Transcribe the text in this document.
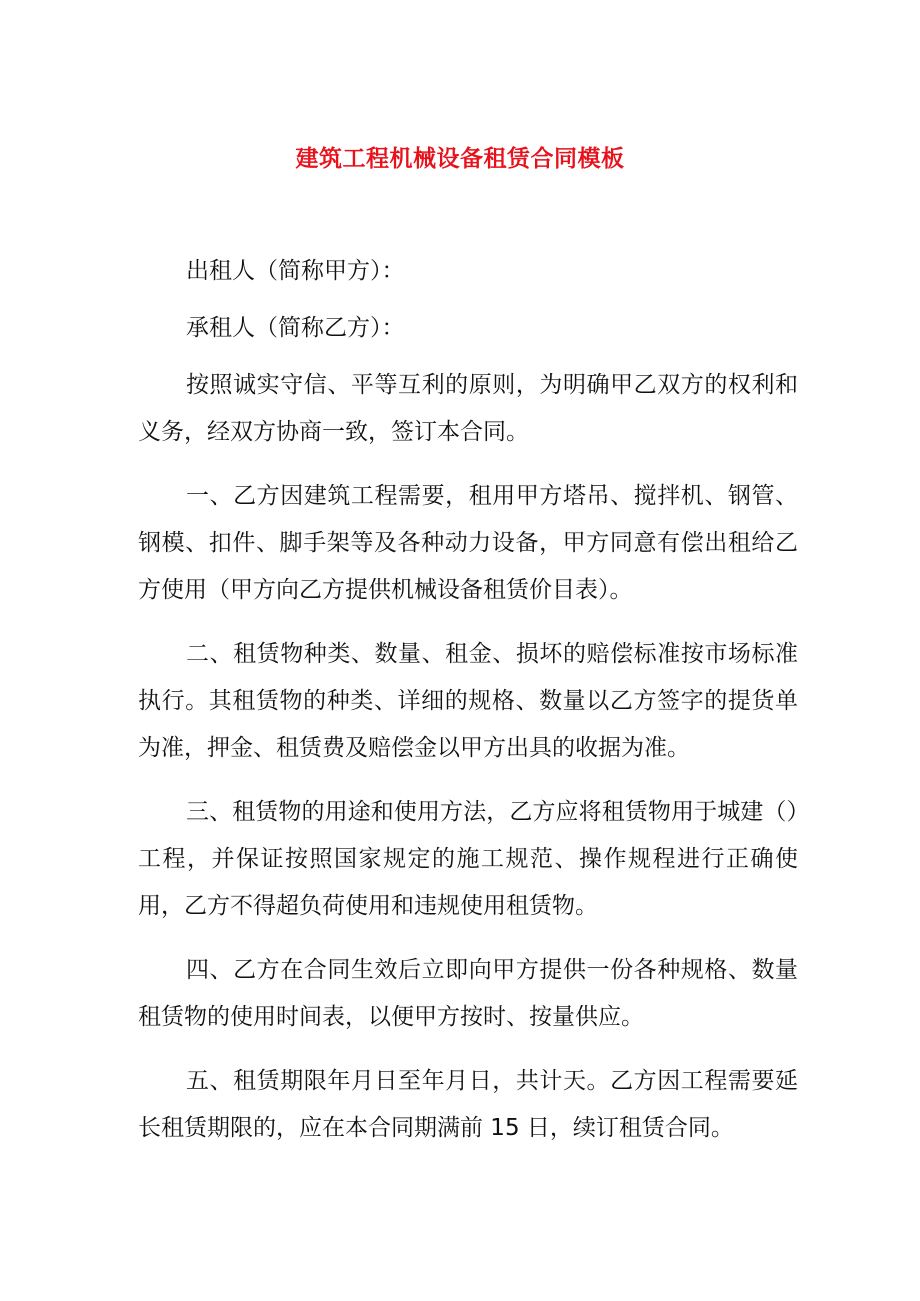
建筑工程机械设备租赁合同模板

出租人（简称甲方）：

承租人（简称乙方）：

按照诚实守信、平等互利的原则，为明确甲乙双方的权利和义务，经双方协商一致，签订本合同。

一、乙方因建筑工程需要，租用甲方塔吊、搅拌机、钢管、钢模、扣件、脚手架等及各种动力设备，甲方同意有偿出租给乙方使用（甲方向乙方提供机械设备租赁价目表）。

二、租赁物种类、数量、租金、损坏的赔偿标准按市场标准执行。其租赁物的种类、详细的规格、数量以乙方签字的提货单为准，押金、租赁费及赔偿金以甲方出具的收据为准。

三、租赁物的用途和使用方法，乙方应将租赁物用于城建（）工程，并保证按照国家规定的施工规范、操作规程进行正确使用，乙方不得超负荷使用和违规使用租赁物。

四、乙方在合同生效后立即向甲方提供一份各种规格、数量租赁物的使用时间表，以便甲方按时、按量供应。

五、租赁期限年月日至年月日，共计天。乙方因工程需要延长租赁期限的，应在本合同期满前 15 日，续订租赁合同。
